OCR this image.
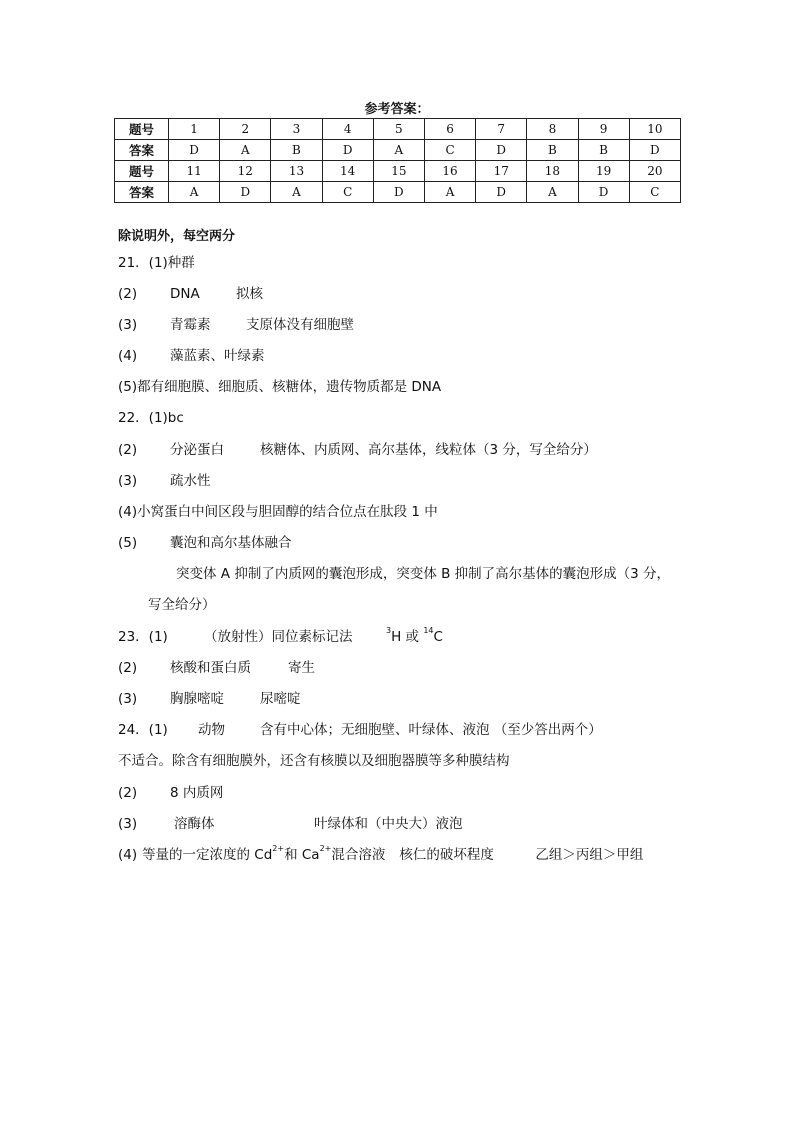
参考答案：
题号	1	2	3	4	5	6	7	8	9	10
答案	D	A	B	D	A	C	D	B	B	D
题号	11	12	13	14	15	16	17	18	19	20
答案	A	D	A	C	D	A	D	A	D	C
除说明外，每空两分
21．(1)种群
(2) DNA	拟核
(3) 青霉素	支原体没有细胞壁
(4) 藻蓝素、叶绿素
(5)都有细胞膜、细胞质、核糖体，遗传物质都是 DNA
22．(1)bc
(2) 分泌蛋白	核糖体、内质网、高尔基体，线粒体（3 分，写全给分）
(3) 疏水性
(4)小窝蛋白中间区段与胆固醇的结合位点在肽段 1 中
(5) 囊泡和高尔基体融合
突变体 A 抑制了内质网的囊泡形成，突变体 B 抑制了高尔基体的囊泡形成（3 分，
写全给分）
23．(1)	（放射性）同位素标记法	$^3$H 或 $^{14}$C
(2) 核酸和蛋白质	寄生
(3) 胸腺嘧啶	尿嘧啶
24．(1) 动物	含有中心体；无细胞壁、叶绿体、液泡 （至少答出两个）
不适合。除含有细胞膜外，还含有核膜以及细胞器膜等多种膜结构
(2) 8 内质网
(3)	溶酶体	叶绿体和（中央大）液泡
(4) 等量的一定浓度的 $Cd^{2+}$和 $Ca^{2+}$混合溶液 核仁的破坏程度	乙组＞丙组＞甲组
